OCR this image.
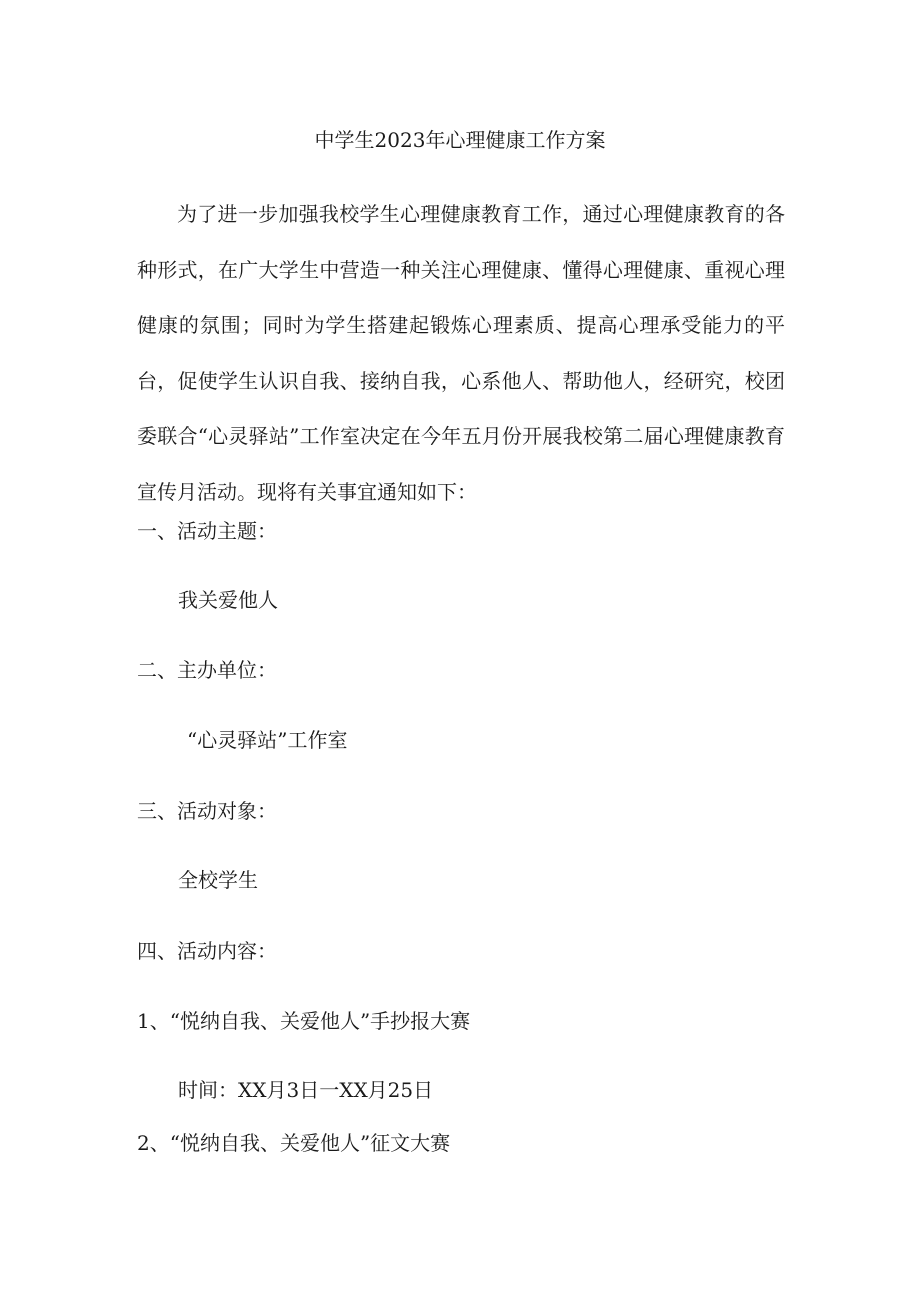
中学生2023年心理健康工作方案

为了进一步加强我校学生心理健康教育工作，通过心理健康教育的各种形式，在广大学生中营造一种关注心理健康、懂得心理健康、重视心理健康的氛围；同时为学生搭建起锻炼心理素质、提高心理承受能力的平台，促使学生认识自我、接纳自我，心系他人、帮助他人，经研究，校团委联合“心灵驿站”工作室决定在今年五月份开展我校第二届心理健康教育宣传月活动。现将有关事宜通知如下：

一、活动主题：
我关爱他人
二、主办单位：
“心灵驿站”工作室
三、活动对象：
全校学生
四、活动内容：
1、“悦纳自我、关爱他人”手抄报大赛
时间：XX月3日一XX月25日
2、“悦纳自我、关爱他人”征文大赛
